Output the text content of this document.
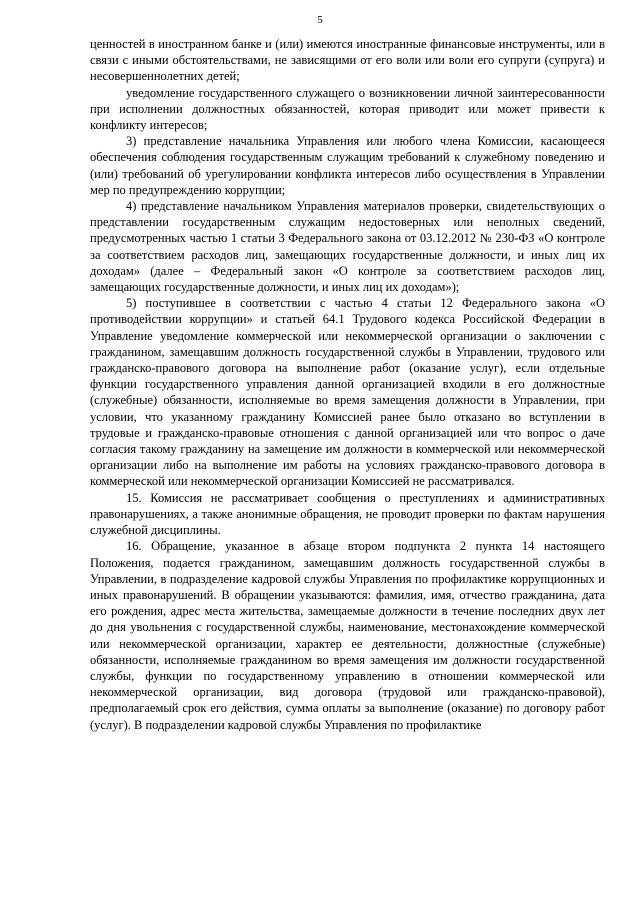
5

ценностей в иностранном банке и (или) имеются иностранные финансовые инструменты, или в связи с иными обстоятельствами, не зависящими от его воли или воли его супруги (супруга) и несовершеннолетних детей;

уведомление государственного служащего о возникновении личной заинтересованности при исполнении должностных обязанностей, которая приводит или может привести к конфликту интересов;

3) представление начальника Управления или любого члена Комиссии, касающееся обеспечения соблюдения государственным служащим требований к служебному поведению и (или) требований об урегулировании конфликта интересов либо осуществления в Управлении мер по предупреждению коррупции;

4) представление начальником Управления материалов проверки, свидетельствующих о представлении государственным служащим недостоверных или неполных сведений, предусмотренных частью 1 статьи 3 Федерального закона от 03.12.2012 № 230-ФЗ «О контроле за соответствием расходов лиц, замещающих государственные должности, и иных лиц их доходам» (далее – Федеральный закон «О контроле за соответствием расходов лиц, замещающих государственные должности, и иных лиц их доходам»);

5) поступившее в соответствии с частью 4 статьи 12 Федерального закона «О противодействии коррупции» и статьей 64.1 Трудового кодекса Российской Федерации в Управление уведомление коммерческой или некоммерческой организации о заключении с гражданином, замещавшим должность государственной службы в Управлении, трудового или гражданско-правового договора на выполнение работ (оказание услуг), если отдельные функции государственного управления данной организацией входили в его должностные (служебные) обязанности, исполняемые во время замещения должности в Управлении, при условии, что указанному гражданину Комиссией ранее было отказано во вступлении в трудовые и гражданско-правовые отношения с данной организацией или что вопрос о даче согласия такому гражданину на замещение им должности в коммерческой или некоммерческой организации либо на выполнение им работы на условиях гражданско-правового договора в коммерческой или некоммерческой организации Комиссией не рассматривался.

15. Комиссия не рассматривает сообщения о преступлениях и административных правонарушениях, а также анонимные обращения, не проводит проверки по фактам нарушения служебной дисциплины.

16. Обращение, указанное в абзаце втором подпункта 2 пункта 14 настоящего Положения, подается гражданином, замещавшим должность государственной службы в Управлении, в подразделение кадровой службы Управления по профилактике коррупционных и иных правонарушений. В обращении указываются: фамилия, имя, отчество гражданина, дата его рождения, адрес места жительства, замещаемые должности в течение последних двух лет до дня увольнения с государственной службы, наименование, местонахождение коммерческой или некоммерческой организации, характер ее деятельности, должностные (служебные) обязанности, исполняемые гражданином во время замещения им должности государственной службы, функции по государственному управлению в отношении коммерческой или некоммерческой организации, вид договора (трудовой или гражданско-правовой), предполагаемый срок его действия, сумма оплаты за выполнение (оказание) по договору работ (услуг). В подразделении кадровой службы Управления по профилактике
